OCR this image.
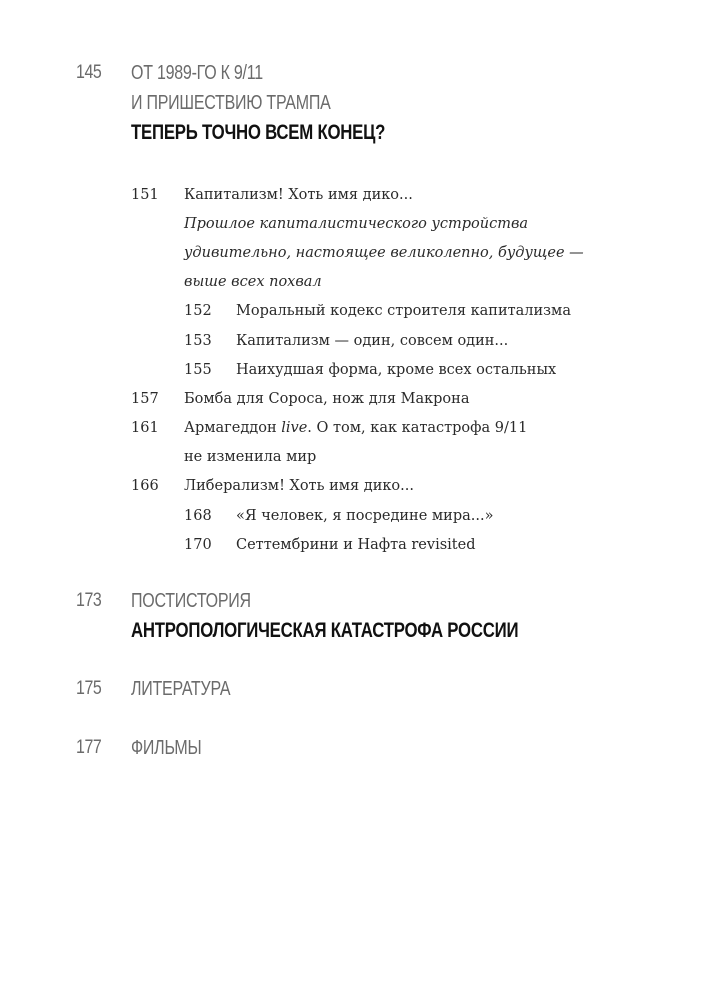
145 ОТ 1989-ГО К 9/11
И ПРИШЕСТВИЮ ТРАМПА
ТЕПЕРЬ ТОЧНО ВСЕМ КОНЕЦ?
151 Капитализм! Хоть имя дико...
Прошлое капиталистического устройства
удивительно, настоящее великолепно, будущее —
выше всех похвал
152 Моральный кодекс строителя капитализма
153 Капитализм — один, совсем один...
155 Наихудшая форма, кроме всех остальных
157 Бомба для Сороса, нож для Макрона
161 Армагеддон live. О том, как катастрофа 9/11
не изменила мир
166 Либерализм! Хоть имя дико...
168 «Я человек, я посредине мира...»
170 Сеттембрини и Нафта revisited
173 ПОСТИСТОРИЯ
АНТРОПОЛОГИЧЕСКАЯ КАТАСТРОФА РОССИИ
175 ЛИТЕРАТУРА
177 ФИЛЬМЫ
